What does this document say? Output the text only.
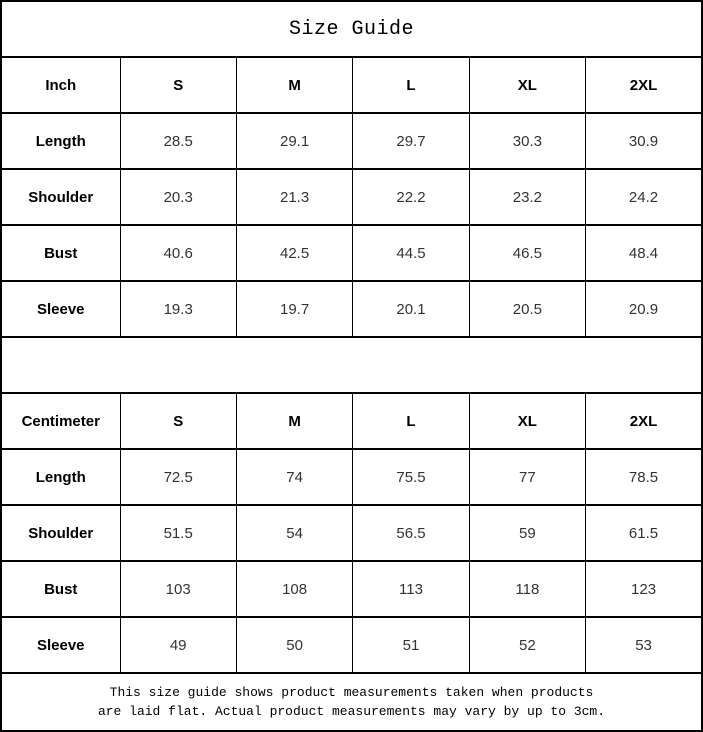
Size Guide					
Inch	S	M	L	XL	2XL
Length	28.5	29.1	29.7	30.3	30.9
Shoulder	20.3	21.3	22.2	23.2	24.2
Bust	40.6	42.5	44.5	46.5	48.4
Sleeve	19.3	19.7	20.1	20.5	20.9

Centimeter	S	M	L	XL	2XL
Length	72.5	74	75.5	77	78.5
Shoulder	51.5	54	56.5	59	61.5
Bust	103	108	113	118	123
Sleeve	49	50	51	52	53

This size guide shows product measurements taken when products
are laid flat. Actual product measurements may vary by up to 3cm.					
